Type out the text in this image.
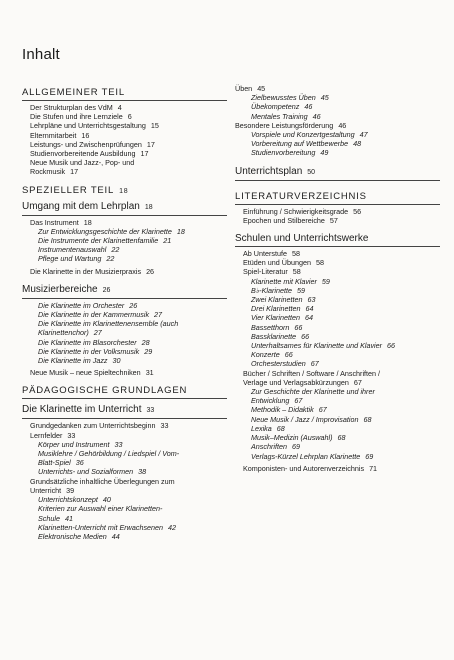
Inhalt
ALLGEMEINER TEIL
Der Strukturplan des VdM 4
Die Stufen und ihre Lernziele 6
Lehrpläne und Unterrichtsgestaltung 15
Elternmitarbeit 16
Leistungs- und Zwischenprüfungen 17
Studienvorbereitende Ausbildung 17
Neue Musik und Jazz-, Pop- und
Rockmusik 17
SPEZIELLER TEIL 18
Umgang mit dem Lehrplan 18
Das Instrument 18
Zur Entwicklungsgeschichte der Klarinette 18
Die Instrumente der Klarinettenfamilie 21
Instrumentenauswahl 22
Pflege und Wartung 22
Die Klarinette in der Musizierpraxis 26
Musizierbereiche 26
Die Klarinette im Orchester 26
Die Klarinette in der Kammermusik 27
Die Klarinette im Klarinettenensemble (auch
Klarinettenchor) 27
Die Klarinette im Blasorchester 28
Die Klarinette in der Volksmusik 29
Die Klarinette im Jazz 30
Neue Musik – neue Spieltechniken 31
PÄDAGOGISCHE GRUNDLAGEN
Die Klarinette im Unterricht 33
Grundgedanken zum Unterrichtsbeginn 33
Lernfelder 33
Körper und Instrument 33
Musiklehre / Gehörbildung / Liedspiel / Vom-
Blatt-Spiel 36
Unterrichts- und Sozialformen 38
Grundsätzliche inhaltliche Überlegungen zum
Unterricht 39
Unterrichtskonzept 40
Kriterien zur Auswahl einer Klarinetten-
Schule 41
Klarinetten-Unterricht mit Erwachsenen 42
Elektronische Medien 44
Üben 45
Zielbewusstes Üben 45
Übekompetenz 46
Mentales Training 46
Besondere Leistungsförderung 46
Vorspiele und Konzertgestaltung 47
Vorbereitung auf Wettbewerbe 48
Studienvorbereitung 49
Unterrichtsplan 50
LITERATURVERZEICHNIS
Einführung / Schwierigkeitsgrade 56
Epochen und Stilbereiche 57
Schulen und Unterrichtswerke
Ab Unterstufe 58
Etüden und Übungen 58
Spiel-Literatur 58
Klarinette mit Klavier 59
B♭-Klarinette 59
Zwei Klarinetten 63
Drei Klarinetten 64
Vier Klarinetten 64
Bassetthorn 66
Bassklarinette 66
Unterhaltsames für Klarinette und Klavier 66
Konzerte 66
Orchesterstudien 67
Bücher / Schriften / Software / Anschriften /
Verlage und Verlagsabkürzungen 67
Zur Geschichte der Klarinette und ihrer
Entwicklung 67
Methodik – Didaktik 67
Neue Musik / Jazz / Improvisation 68
Lexika 68
Musik–Medizin (Auswahl) 68
Anschriften 69
Verlags-Kürzel Lehrplan Klarinette 69
Komponisten- und Autorenverzeichnis 71
